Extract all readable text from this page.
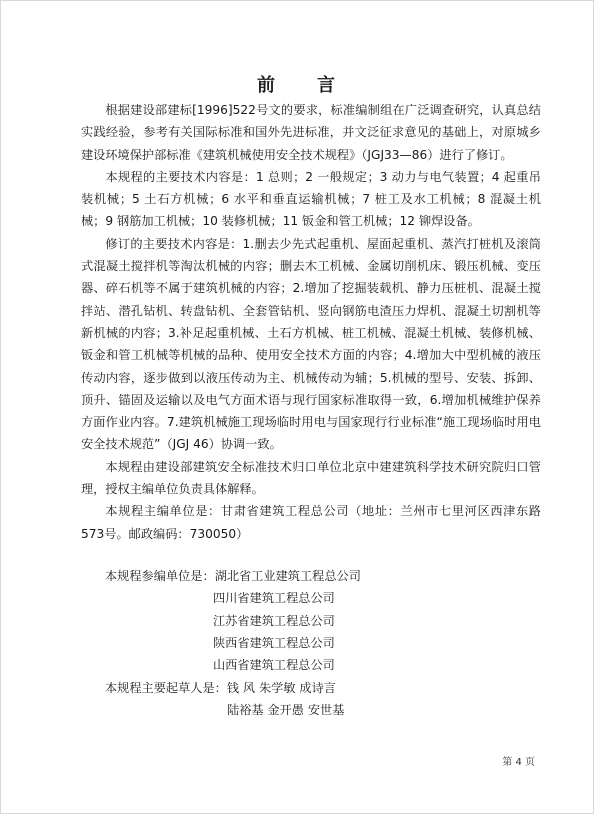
前　　言

根据建设部建标[1996]522号文的要求，标准编制组在广泛调查研究，认真总结实践经验，参考有关国际标准和国外先进标准，并文泛征求意见的基础上，对原城乡建设环境保护部标准《建筑机械使用安全技术规程》（JGJ33—86）进行了修订。

本规程的主要技术内容是：1 总则；2 一般规定；3 动力与电气装置；4 起重吊装机械；5 土石方机械；6 水平和垂直运输机械；7 桩工及水工机械；8 混凝土机械；9 钢筋加工机械；10 装修机械；11 钣金和管工机械；12 铆焊设备。

修订的主要技术内容是：1.删去少先式起重机、屋面起重机、蒸汽打桩机及滚筒式混凝土搅拌机等淘汰机械的内容；删去木工机械、金属切削机床、锻压机械、变压器、碎石机等不属于建筑机械的内容；2.增加了挖掘装载机、静力压桩机、混凝土搅拌站、潜孔钻机、转盘钻机、全套管钻机、竖向钢筋电渣压力焊机、混凝土切割机等新机械的内容；3.补足起重机械、土石方机械、桩工机械、混凝土机械、装修机械、钣金和管工机械等机械的品种、使用安全技术方面的内容；4.增加大中型机械的液压传动内容，逐步做到以液压传动为主、机械传动为辅；5.机械的型号、安装、拆卸、顶升、锚固及运输以及电气方面术语与现行国家标准取得一致，6.增加机械维护保养方面作业内容。7.建筑机械施工现场临时用电与国家现行行业标准“施工现场临时用电安全技术规范”（JGJ 46）协调一致。

本规程由建设部建筑安全标准技术归口单位北京中建建筑科学技术研究院归口管理，授权主编单位负责具体解释。

本规程主编单位是：甘肃省建筑工程总公司（地址：兰州市七里河区西津东路573号。邮政编码：730050）

本规程参编单位是：湖北省工业建筑工程总公司
四川省建筑工程总公司
江苏省建筑工程总公司
陕西省建筑工程总公司
山西省建筑工程总公司
本规程主要起草人是：钱 风 朱学敏 成诗言
陆裕基 金开愚 安世基
第 4 页
